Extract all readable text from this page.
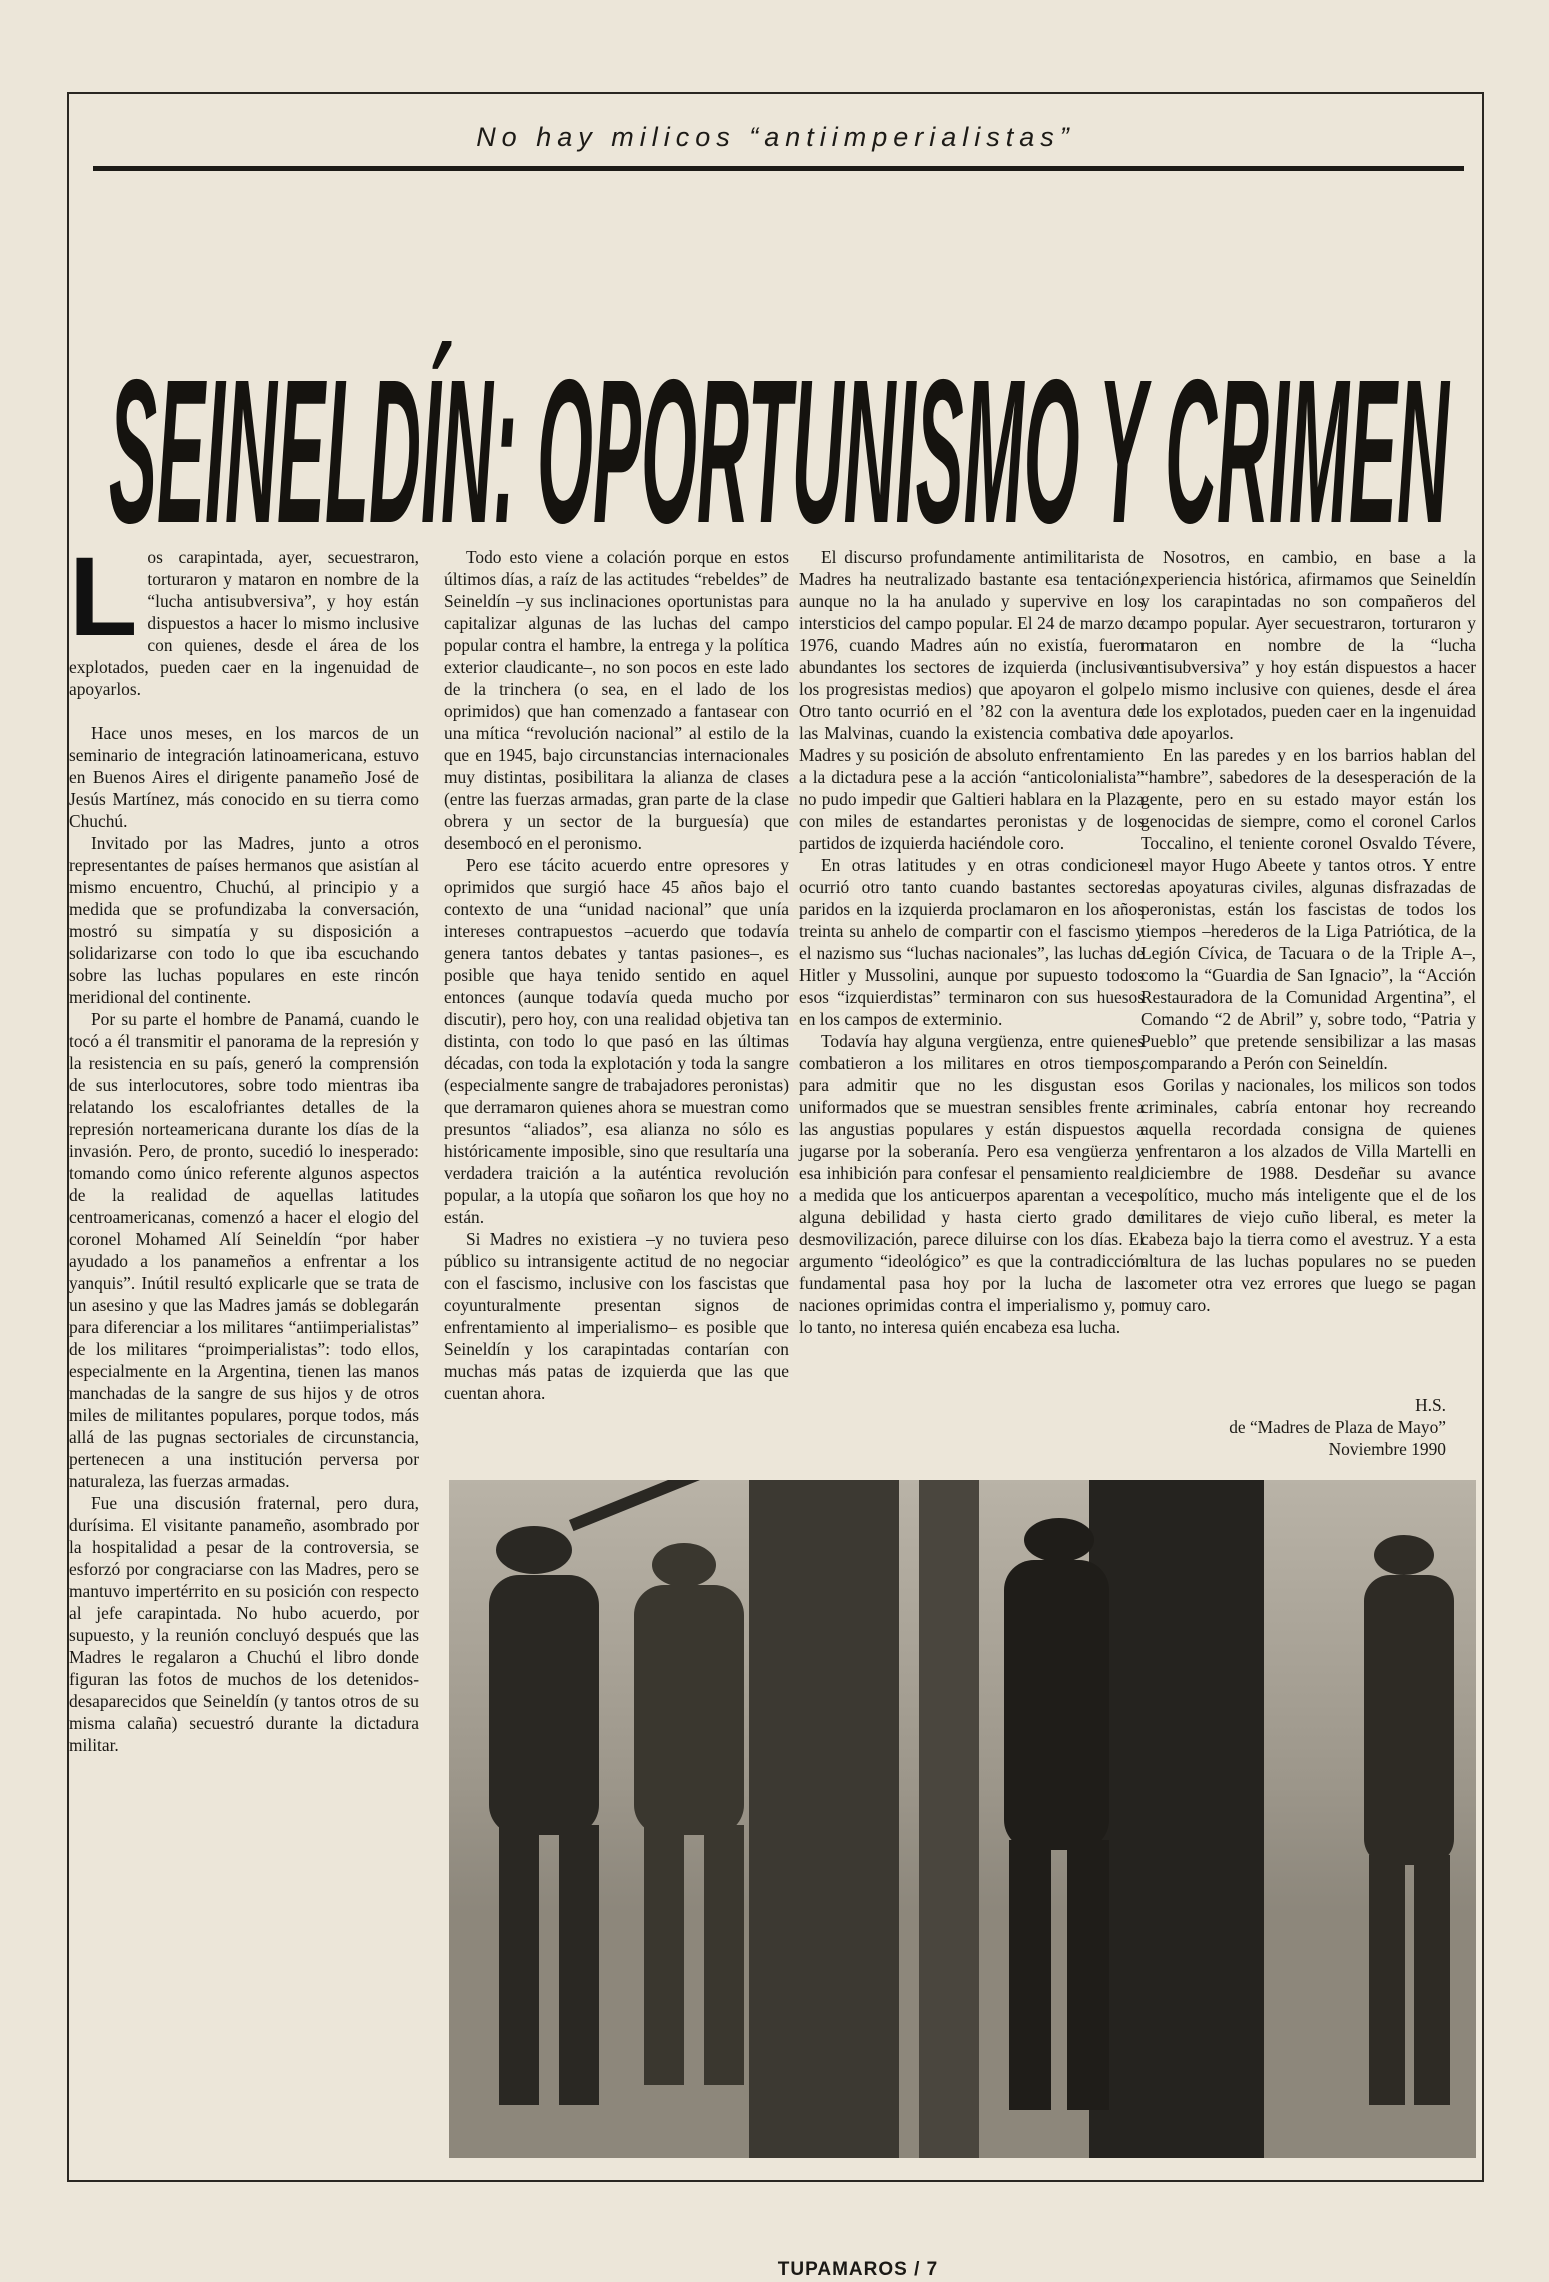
No hay milicos “antiimperialistas”
SEINELDÍN: OPORTUNISMO Y CRIMEN

L os carapintada, ayer, secuestraron, torturaron y mataron en nombre de la “lucha antisubversiva”, y hoy están dispuestos a hacer lo mismo inclusive con quienes, desde el área de los explotados, pueden caer en la ingenuidad de apoyarlos.

Hace unos meses, en los marcos de un seminario de integración latinoamericana, estuvo en Buenos Aires el dirigente panameño José de Jesús Martínez, más conocido en su tierra como Chuchú.

Invitado por las Madres, junto a otros representantes de países hermanos que asistían al mismo encuentro, Chuchú, al principio y a medida que se profundizaba la conversación, mostró su simpatía y su disposición a solidarizarse con todo lo que iba escuchando sobre las luchas populares en este rincón meridional del continente.

Por su parte el hombre de Panamá, cuando le tocó a él transmitir el panorama de la represión y la resistencia en su país, generó la comprensión de sus interlocutores, sobre todo mientras iba relatando los escalofriantes detalles de la represión norteamericana durante los días de la invasión. Pero, de pronto, sucedió lo inesperado: tomando como único referente algunos aspectos de la realidad de aquellas latitudes centroamericanas, comenzó a hacer el elogio del coronel Mohamed Alí Seineldín “por haber ayudado a los panameños a enfrentar a los yanquis”. Inútil resultó explicarle que se trata de un asesino y que las Madres jamás se doblegarán para diferenciar a los militares “antiimperialistas” de los militares “proimperialistas”: todo ellos, especialmente en la Argentina, tienen las manos manchadas de la sangre de sus hijos y de otros miles de militantes populares, porque todos, más allá de las pugnas sectoriales de circunstancia, pertenecen a una institución perversa por naturaleza, las fuerzas armadas.

Fue una discusión fraternal, pero dura, durísima. El visitante panameño, asombrado por la hospitalidad a pesar de la controversia, se esforzó por congraciarse con las Madres, pero se mantuvo impertérrito en su posición con respecto al jefe carapintada. No hubo acuerdo, por supuesto, y la reunión concluyó después que las Madres le regalaron a Chuchú el libro donde figuran las fotos de muchos de los detenidos-desaparecidos que Seineldín (y tantos otros de su misma calaña) secuestró durante la dictadura militar.

Todo esto viene a colación porque en estos últimos días, a raíz de las actitudes “rebeldes” de Seineldín –y sus inclinaciones oportunistas para capitalizar algunas de las luchas del campo popular contra el hambre, la entrega y la política exterior claudicante–, no son pocos en este lado de la trinchera (o sea, en el lado de los oprimidos) que han comenzado a fantasear con una mítica “revolución nacional” al estilo de la que en 1945, bajo circunstancias internacionales muy distintas, posibilitara la alianza de clases (entre las fuerzas armadas, gran parte de la clase obrera y un sector de la burguesía) que desembocó en el peronismo.

Pero ese tácito acuerdo entre opresores y oprimidos que surgió hace 45 años bajo el contexto de una “unidad nacional” que unía intereses contrapuestos –acuerdo que todavía genera tantos debates y tantas pasiones–, es posible que haya tenido sentido en aquel entonces (aunque todavía queda mucho por discutir), pero hoy, con una realidad objetiva tan distinta, con todo lo que pasó en las últimas décadas, con toda la explotación y toda la sangre (especialmente sangre de trabajadores peronistas) que derramaron quienes ahora se muestran como presuntos “aliados”, esa alianza no sólo es históricamente imposible, sino que resultaría una verdadera traición a la auténtica revolución popular, a la utopía que soñaron los que hoy no están.

Si Madres no existiera –y no tuviera peso público su intransigente actitud de no negociar con el fascismo, inclusive con los fascistas que coyunturalmente presentan signos de enfrentamiento al imperialismo– es posible que Seineldín y los carapintadas contarían con muchas más patas de izquierda que las que cuentan ahora.

El discurso profundamente antimilitarista de Madres ha neutralizado bastante esa tentación, aunque no la ha anulado y supervive en los intersticios del campo popular. El 24 de marzo de 1976, cuando Madres aún no existía, fueron abundantes los sectores de izquierda (inclusive los progresistas medios) que apoyaron el golpe. Otro tanto ocurrió en el ’82 con la aventura de las Malvinas, cuando la existencia combativa de Madres y su posición de absoluto enfrentamiento a la dictadura pese a la acción “anticolonialista” no pudo impedir que Galtieri hablara en la Plaza con miles de estandartes peronistas y de los partidos de izquierda haciéndole coro.

En otras latitudes y en otras condiciones ocurrió otro tanto cuando bastantes sectores paridos en la izquierda proclamaron en los años treinta su anhelo de compartir con el fascismo y el nazismo sus “luchas nacionales”, las luchas de Hitler y Mussolini, aunque por supuesto todos esos “izquierdistas” terminaron con sus huesos en los campos de exterminio.

Todavía hay alguna vergüenza, entre quienes combatieron a los militares en otros tiempos, para admitir que no les disgustan esos uniformados que se muestran sensibles frente a las angustias populares y están dispuestos a jugarse por la soberanía. Pero esa vengüerza y esa inhibición para confesar el pensamiento real, a medida que los anticuerpos aparentan a veces alguna debilidad y hasta cierto grado de desmovilización, parece diluirse con los días. El argumento “ideológico” es que la contradicción fundamental pasa hoy por la lucha de las naciones oprimidas contra el imperialismo y, por lo tanto, no interesa quién encabeza esa lucha.

Nosotros, en cambio, en base a la experiencia histórica, afirmamos que Seineldín y los carapintadas no son compañeros del campo popular. Ayer secuestraron, torturaron y mataron en nombre de la “lucha antisubversiva” y hoy están dispuestos a hacer lo mismo inclusive con quienes, desde el área de los explotados, pueden caer en la ingenuidad de apoyarlos.

En las paredes y en los barrios hablan del “hambre”, sabedores de la desesperación de la gente, pero en su estado mayor están los genocidas de siempre, como el coronel Carlos Toccalino, el teniente coronel Osvaldo Tévere, el mayor Hugo Abeete y tantos otros. Y entre las apoyaturas civiles, algunas disfrazadas de peronistas, están los fascistas de todos los tiempos –herederos de la Liga Patriótica, de la Legión Cívica, de Tacuara o de la Triple A–, como la “Guardia de San Ignacio”, la “Acción Restauradora de la Comunidad Argentina”, el Comando “2 de Abril” y, sobre todo, “Patria y Pueblo” que pretende sensibilizar a las masas comparando a Perón con Seineldín.

Gorilas y nacionales, los milicos son todos criminales, cabría entonar hoy recreando aquella recordada consigna de quienes enfrentaron a los alzados de Villa Martelli en diciembre de 1988. Desdeñar su avance político, mucho más inteligente que el de los militares de viejo cuño liberal, es meter la cabeza bajo la tierra como el avestruz. Y a esta altura de las luchas populares no se pueden cometer otra vez errores que luego se pagan muy caro.

H.S.
de “Madres de Plaza de Mayo”
Noviembre 1990
TUPAMAROS / 7
